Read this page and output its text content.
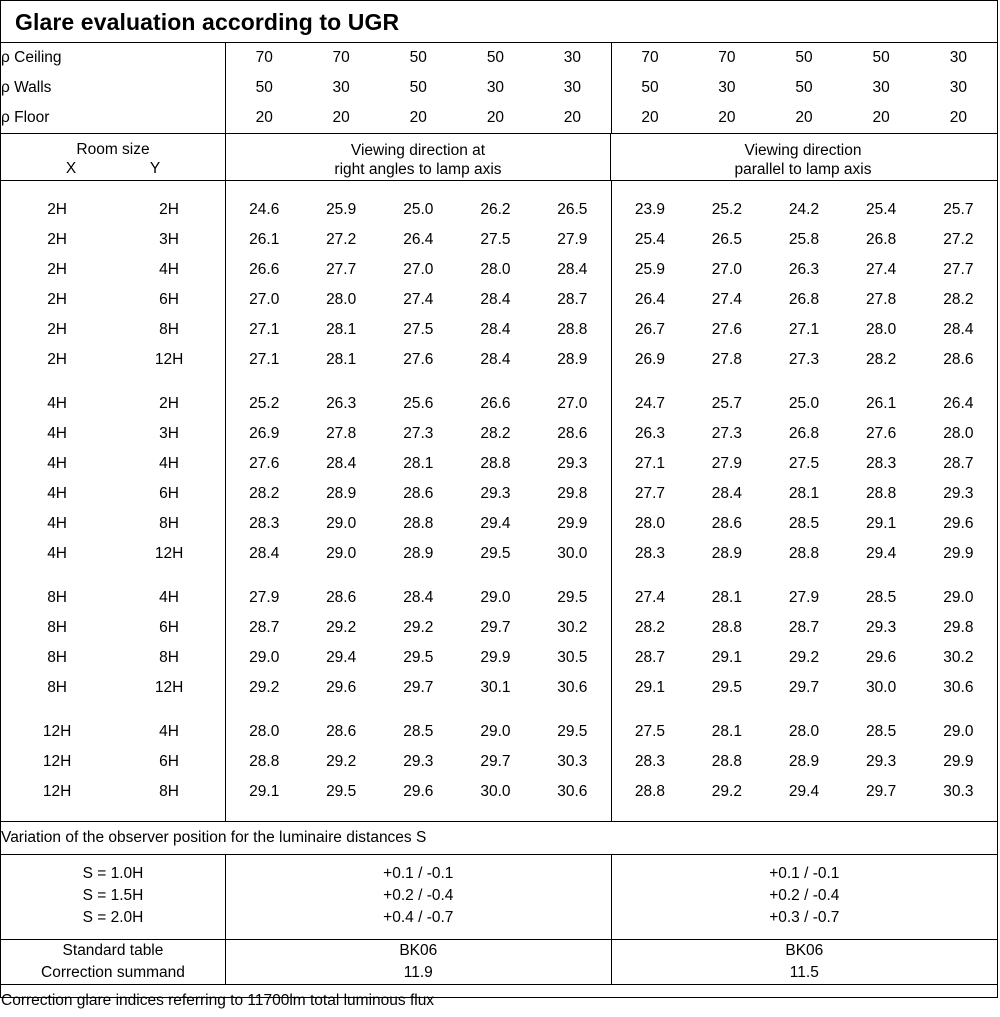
Glare evaluation according to UGR
ρ Ceiling	70	70	50	50	30	70	70	50	50	30
ρ Walls	50	30	50	30	30	50	30	50	30	30
ρ Floor	20	20	20	20	20	20	20	20	20	20
Room size
X	Y
Viewing direction at
right angles to lamp axis
Viewing direction
parallel to lamp axis

2H	2H	24.6	25.9	25.0	26.2	26.5	23.9	25.2	24.2	25.4	25.7
2H	3H	26.1	27.2	26.4	27.5	27.9	25.4	26.5	25.8	26.8	27.2
2H	4H	26.6	27.7	27.0	28.0	28.4	25.9	27.0	26.3	27.4	27.7
2H	6H	27.0	28.0	27.4	28.4	28.7	26.4	27.4	26.8	27.8	28.2
2H	8H	27.1	28.1	27.5	28.4	28.8	26.7	27.6	27.1	28.0	28.4
2H	12H	27.1	28.1	27.6	28.4	28.9	26.9	27.8	27.3	28.2	28.6

4H	2H	25.2	26.3	25.6	26.6	27.0	24.7	25.7	25.0	26.1	26.4
4H	3H	26.9	27.8	27.3	28.2	28.6	26.3	27.3	26.8	27.6	28.0
4H	4H	27.6	28.4	28.1	28.8	29.3	27.1	27.9	27.5	28.3	28.7
4H	6H	28.2	28.9	28.6	29.3	29.8	27.7	28.4	28.1	28.8	29.3
4H	8H	28.3	29.0	28.8	29.4	29.9	28.0	28.6	28.5	29.1	29.6
4H	12H	28.4	29.0	28.9	29.5	30.0	28.3	28.9	28.8	29.4	29.9

8H	4H	27.9	28.6	28.4	29.0	29.5	27.4	28.1	27.9	28.5	29.0
8H	6H	28.7	29.2	29.2	29.7	30.2	28.2	28.8	28.7	29.3	29.8
8H	8H	29.0	29.4	29.5	29.9	30.5	28.7	29.1	29.2	29.6	30.2
8H	12H	29.2	29.6	29.7	30.1	30.6	29.1	29.5	29.7	30.0	30.6

12H	4H	28.0	28.6	28.5	29.0	29.5	27.5	28.1	28.0	28.5	29.0
12H	6H	28.8	29.2	29.3	29.7	30.3	28.3	28.8	28.9	29.3	29.9
12H	8H	29.1	29.5	29.6	30.0	30.6	28.8	29.2	29.4	29.7	30.3

Variation of the observer position for the luminaire distances S

S = 1.0H		+0.1 / -0.1					+0.1 / -0.1				
S = 1.5H		+0.2 / -0.4					+0.2 / -0.4				
S = 2.0H		+0.4 / -0.7					+0.3 / -0.7				

Standard table	BK06	BK06
Correction summand	11.9	11.5
Correction glare indices referring to 11700lm total luminous flux
